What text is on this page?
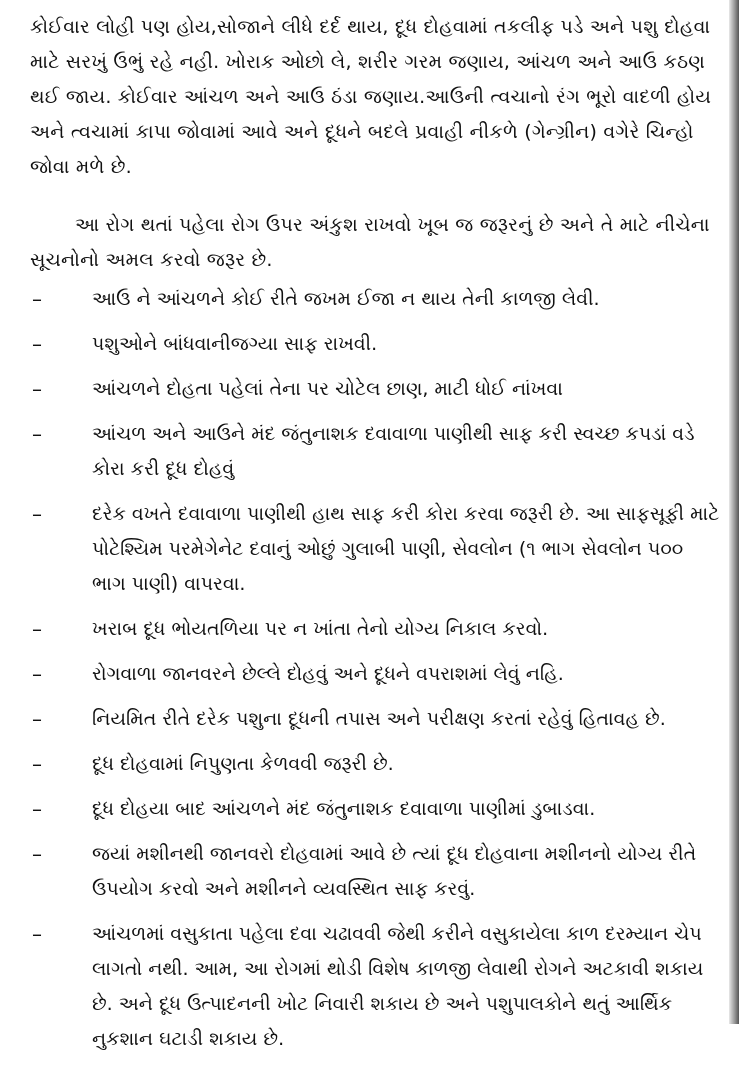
કોઈવાર લોહી પણ હોય,સોજાને લીધે દર્દ થાય, દૂધ દોહવામાં તકલીફ પડે અને પશુ દોહવા માટે સરખું ઉભું રહે નહી. ખોરાક ઓછો લે, શરીર ગરમ જણાય, આંચળ અને આઉ કઠણ થઈ જાય. કોઈવાર આંચળ અને આઉ ઠંડા જણાય.આઉની ત્વચાનો રંગ ભૂરો વાદળી હોય અને ત્વચામાં કાપા જોવામાં આવે અને દૂધને બદલે પ્રવાહી નીકળે (ગેન્ગ્રીન) વગેરે ચિન્હો જોવા મળે છે.

આ રોગ થતાં પહેલા રોગ ઉપર અંકુશ રાખવો ખૂબ જ જરૂરનું છે અને તે માટે નીચેના સૂચનોનો અમલ કરવો જરૂર છે.

–	આઉ ને આંચળને કોઈ રીતે જખમ ઈજા ન થાય તેની કાળજી લેવી.
–	પશુઓને બાંધવાનીજગ્યા સાફ રાખવી.
–	આંચળને દોહતા પહેલાં તેના પર ચોટેલ છાણ, માટી ધોઈ નાંખવા
–	આંચળ અને આઉને મંદ જંતુનાશક દવાવાળા પાણીથી સાફ કરી સ્વચ્છ કપડાં વડે કોરા કરી દૂધ દોહવું
–	દરેક વખતે દવાવાળા પાણીથી હાથ સાફ કરી કોરા કરવા જરૂરી છે. આ સાફસૂફી માટે પોટેશ્યિમ પરમેગેનેટ દવાનું ઓછું ગુલાબી પાણી, સેવલોન (૧ ભાગ સેવલોન ૫૦૦ ભાગ પાણી) વાપરવા.
–	ખરાબ દૂધ ભોયતળિયા પર ન ખાંતા તેનો યોગ્ય નિકાલ કરવો.
–	રોગવાળા જાનવરને છેલ્લે દોહવું અને દૂધને વપરાશમાં લેવું નહિ.
–	નિયમિત રીતે દરેક પશુના દૂધની તપાસ અને પરીક્ષણ કરતાં રહેવું હિતાવહ છે.
–	દૂધ દોહવામાં નિપુણતા કેળવવી જરૂરી છે.
–	દૂધ દોહયા બાદ આંચળને મંદ જંતુનાશક દવાવાળા પાણીમાં ડુબાડવા.
–	જયાં મશીનથી જાનવરો દોહવામાં આવે છે ત્યાં દૂધ દોહવાના મશીનનો યોગ્ય રીતે ઉપયોગ કરવો અને મશીનને વ્યવસ્થિત સાફ કરવું.
–	આંચળમાં વસુકાતા પહેલા દવા ચઢાવવી જેથી કરીને વસુકાયેલા કાળ દરમ્યાન ચેપ લાગતો નથી. આમ, આ રોગમાં થોડી વિશેષ કાળજી લેવાથી રોગને અટકાવી શકાય છે. અને દૂધ ઉત્પાદનની ખોટ નિવારી શકાય છે અને પશુપાલકોને થતું આર્થિક નુકશાન ઘટાડી શકાય છે.
